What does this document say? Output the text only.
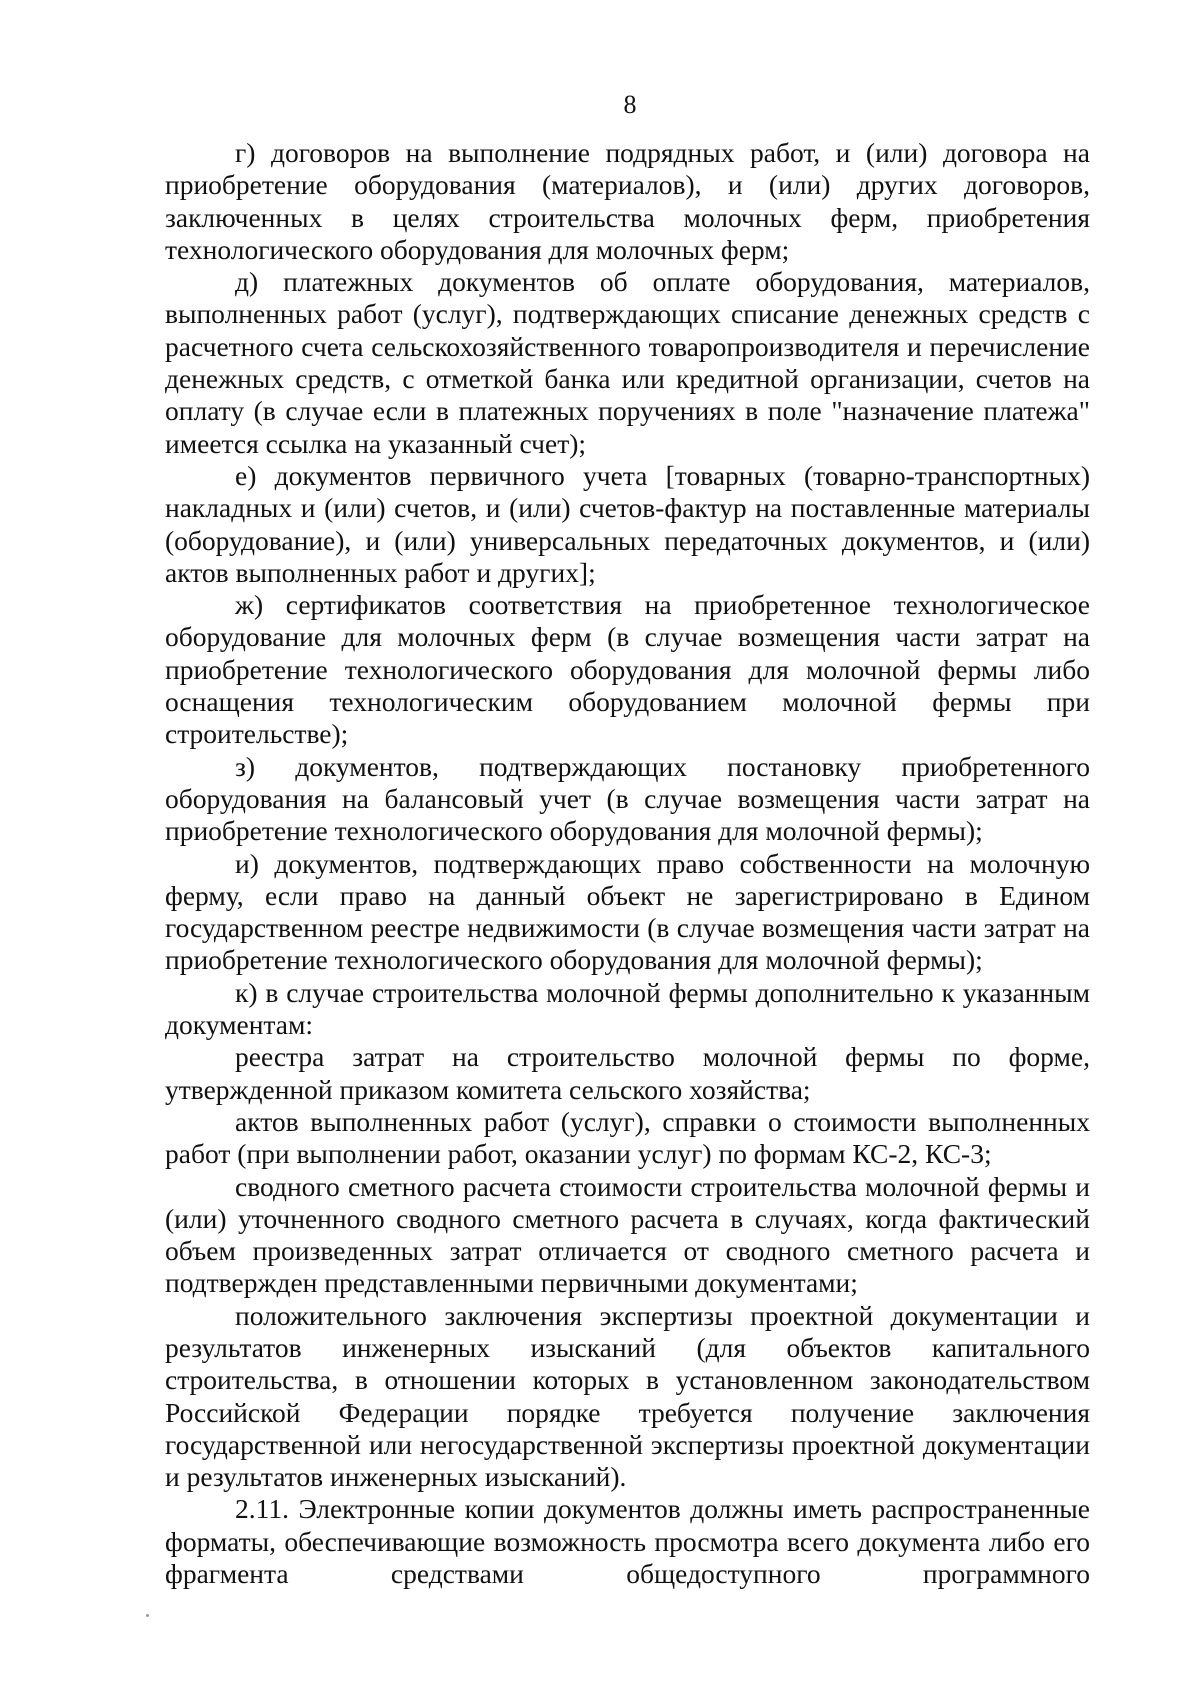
8

г) договоров на выполнение подрядных работ, и (или) договора на приобретение оборудования (материалов), и (или) других договоров, заключенных в целях строительства молочных ферм, приобретения технологического оборудования для молочных ферм;

д) платежных документов об оплате оборудования, материалов, выполненных работ (услуг), подтверждающих списание денежных средств с расчетного счета сельскохозяйственного товаропроизводителя и перечисление денежных средств, с отметкой банка или кредитной организации, счетов на оплату (в случае если в платежных поручениях в поле "назначение платежа" имеется ссылка на указанный счет);

е) документов первичного учета [товарных (товарно-транспортных) накладных и (или) счетов, и (или) счетов-фактур на поставленные материалы (оборудование), и (или) универсальных передаточных документов, и (или) актов выполненных работ и других];

ж) сертификатов соответствия на приобретенное технологическое оборудование для молочных ферм (в случае возмещения части затрат на приобретение технологического оборудования для молочной фермы либо оснащения технологическим оборудованием молочной фермы при строительстве);

з) документов, подтверждающих постановку приобретенного оборудования на балансовый учет (в случае возмещения части затрат на приобретение технологического оборудования для молочной фермы);

и) документов, подтверждающих право собственности на молочную ферму, если право на данный объект не зарегистрировано в Едином государственном реестре недвижимости (в случае возмещения части затрат на приобретение технологического оборудования для молочной фермы);

к) в случае строительства молочной фермы дополнительно к указанным документам:

реестра затрат на строительство молочной фермы по форме, утвержденной приказом комитета сельского хозяйства;

актов выполненных работ (услуг), справки о стоимости выполненных работ (при выполнении работ, оказании услуг) по формам КС-2, КС-3;

сводного сметного расчета стоимости строительства молочной фермы и (или) уточненного сводного сметного расчета в случаях, когда фактический объем произведенных затрат отличается от сводного сметного расчета и подтвержден представленными первичными документами;

положительного заключения экспертизы проектной документации и результатов инженерных изысканий (для объектов капитального строительства, в отношении которых в установленном законодательством Российской Федерации порядке требуется получение заключения государственной или негосударственной экспертизы проектной документации и результатов инженерных изысканий).

2.11. Электронные копии документов должны иметь распространенные форматы, обеспечивающие возможность просмотра всего документа либо его фрагмента средствами общедоступного программного
